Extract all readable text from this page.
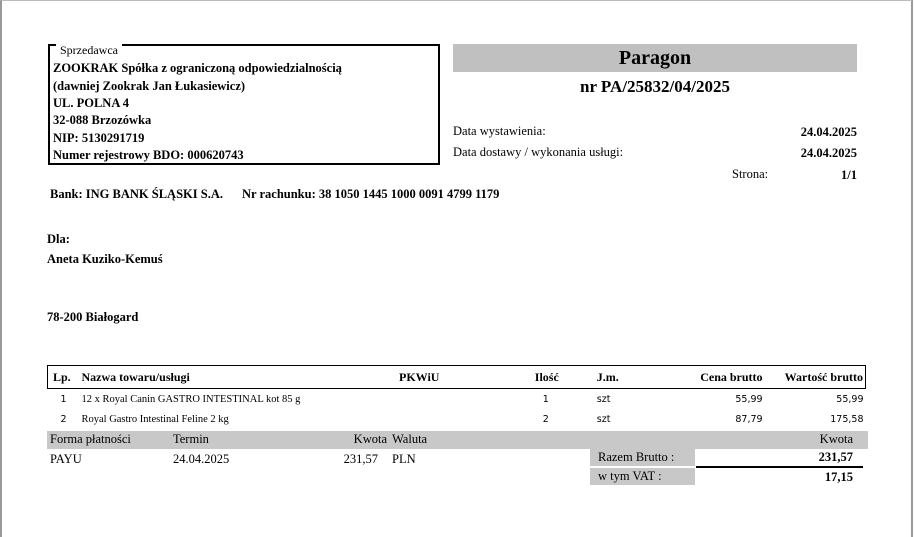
Sprzedawca
ZOOKRAK Spółka z ograniczoną odpowiedzialnością
(dawniej Zookrak Jan Łukasiewicz)
UL. POLNA 4
32-088 Brzozówka
NIP: 5130291719
Numer rejestrowy BDO: 000620743
Paragon
nr PA/25832/04/2025
Data wystawienia:	24.04.2025
Data dostawy / wykonania usługi:	24.04.2025
Strona:	1/1
Bank: ING BANK ŚLĄSKI S.A. Nr rachunku: 38 1050 1445 1000 0091 4799 1179
Dla:
Aneta Kuziko-Kemuś
78-200 Białogard
Lp.	Nazwa towaru/usługi	PKWiU	Ilość	J.m.	Cena brutto	Wartość brutto
1	12 x Royal Canin GASTRO INTESTINAL kot 85 g		1	szt	55,99	55,99
2	Royal Gastro Intestinal Feline 2 kg		2	szt	87,79	175,58
Forma płatności	Termin	Kwota Waluta	Kwota
PAYU	24.04.2025	231,57 PLN	Razem Brutto :	231,57
w tym VAT :	17,15
